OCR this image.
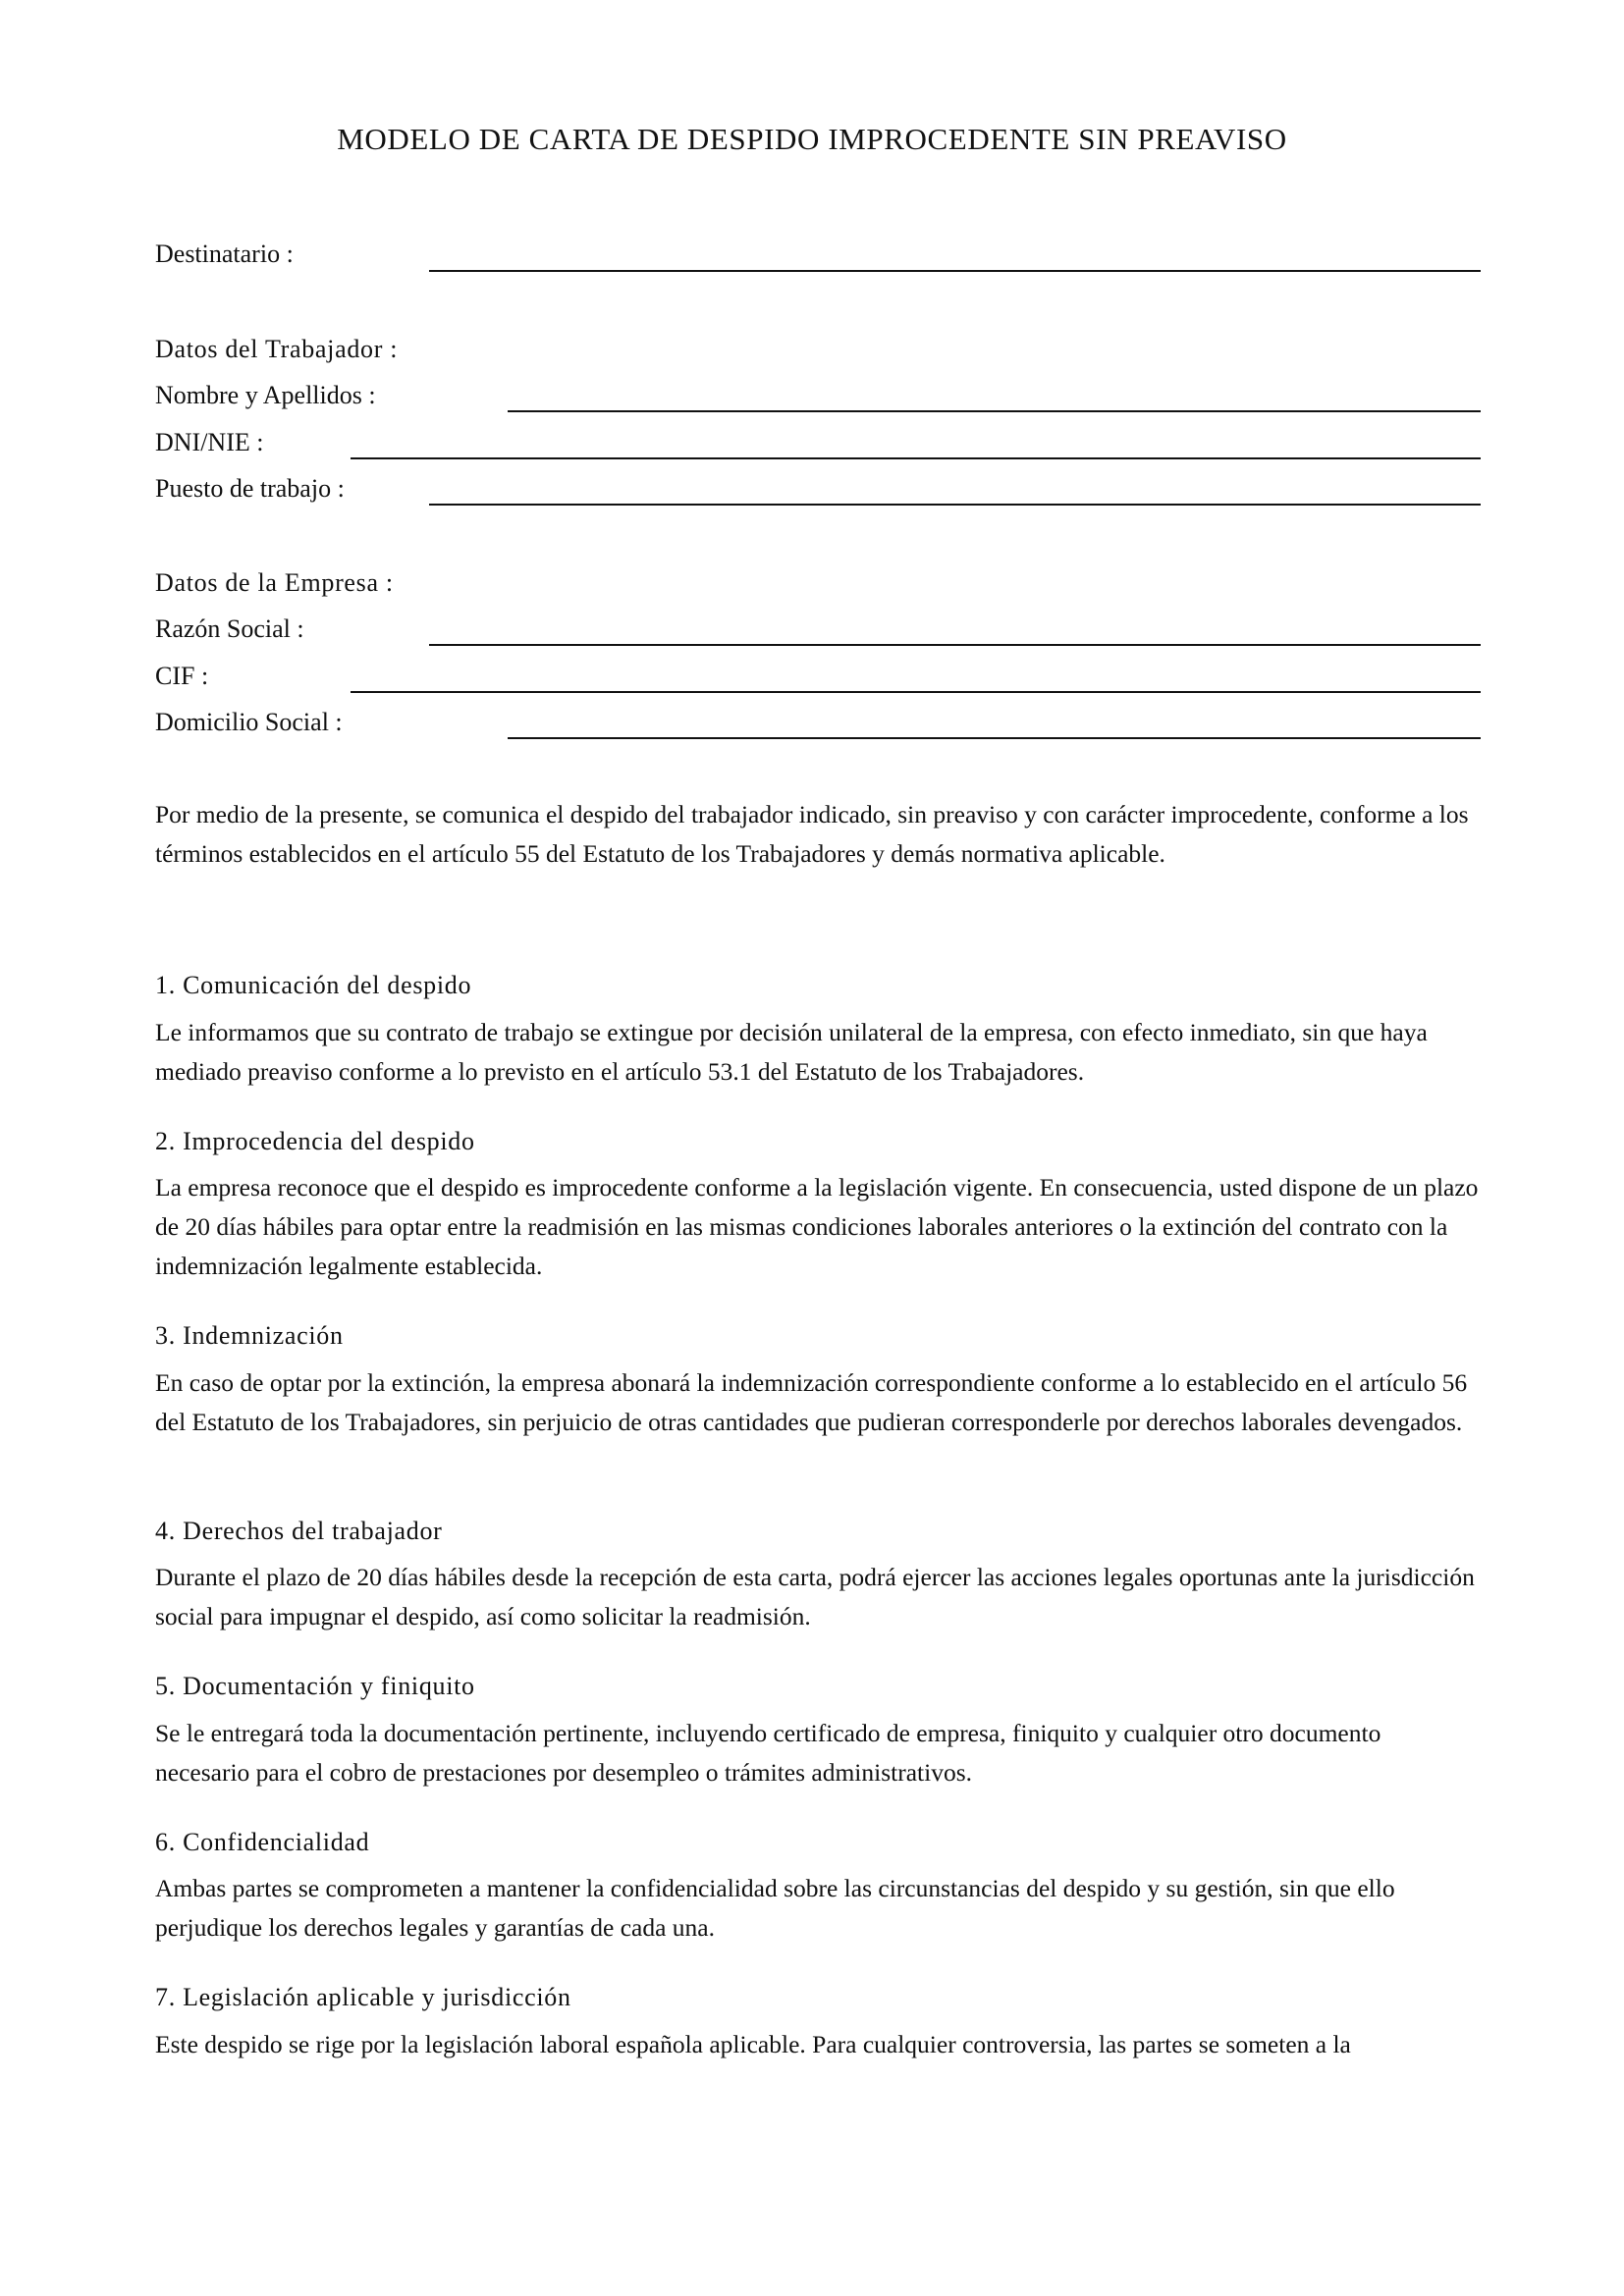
MODELO DE CARTA DE DESPIDO IMPROCEDENTE SIN PREAVISO
Destinatario :
Datos del Trabajador :
Nombre y Apellidos :
DNI/NIE :
Puesto de trabajo :
Datos de la Empresa :
Razón Social :
CIF :
Domicilio Social :

Por medio de la presente, se comunica el despido del trabajador indicado, sin preaviso y con carácter improcedente, conforme a los términos establecidos en el artículo 55 del Estatuto de los Trabajadores y demás normativa aplicable.

1. Comunicación del despido

Le informamos que su contrato de trabajo se extingue por decisión unilateral de la empresa, con efecto inmediato, sin que haya mediado preaviso conforme a lo previsto en el artículo 53.1 del Estatuto de los Trabajadores.

2. Improcedencia del despido

La empresa reconoce que el despido es improcedente conforme a la legislación vigente. En consecuencia, usted dispone de un plazo de 20 días hábiles para optar entre la readmisión en las mismas condiciones laborales anteriores o la extinción del contrato con la indemnización legalmente establecida.

3. Indemnización

En caso de optar por la extinción, la empresa abonará la indemnización correspondiente conforme a lo establecido en el artículo 56 del Estatuto de los Trabajadores, sin perjuicio de otras cantidades que pudieran corresponderle por derechos laborales devengados.

4. Derechos del trabajador

Durante el plazo de 20 días hábiles desde la recepción de esta carta, podrá ejercer las acciones legales oportunas ante la jurisdicción social para impugnar el despido, así como solicitar la readmisión.

5. Documentación y finiquito

Se le entregará toda la documentación pertinente, incluyendo certificado de empresa, finiquito y cualquier otro documento necesario para el cobro de prestaciones por desempleo o trámites administrativos.

6. Confidencialidad

Ambas partes se comprometen a mantener la confidencialidad sobre las circunstancias del despido y su gestión, sin que ello perjudique los derechos legales y garantías de cada una.

7. Legislación aplicable y jurisdicción

Este despido se rige por la legislación laboral española aplicable. Para cualquier controversia, las partes se someten a la
